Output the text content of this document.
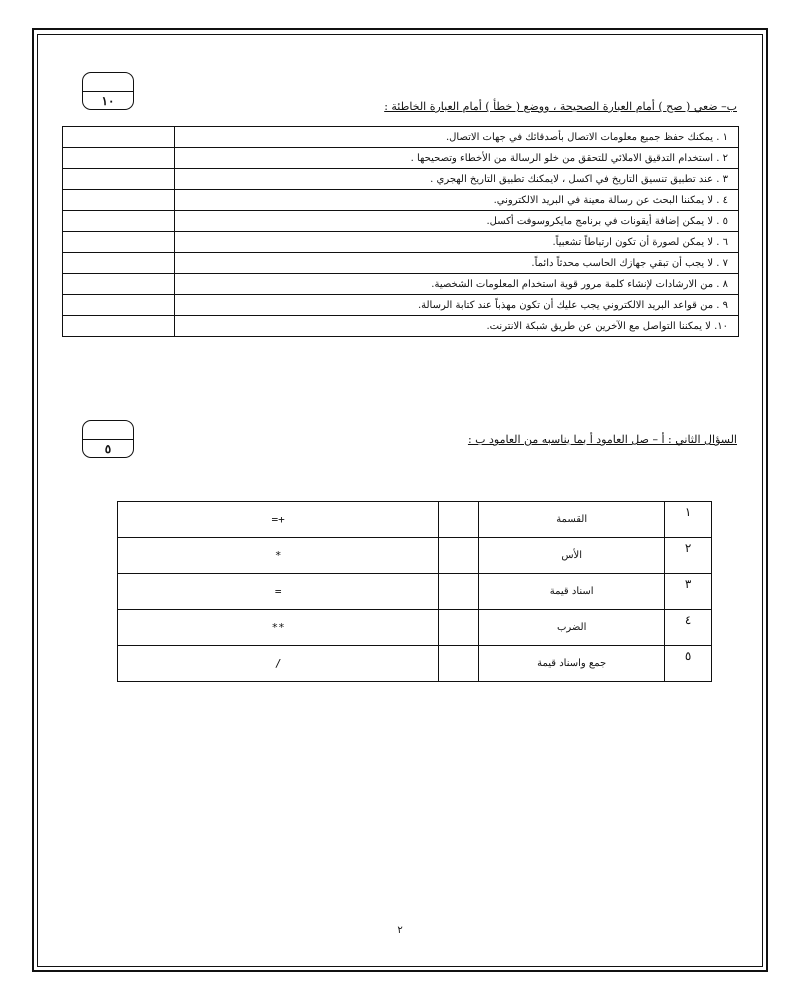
١٠	ب– ضعي ( صح ) أمام العبارة الصحيحة ، ووضع ( خطأ ) أمام العبارة الخاطئة :
١ . يمكنك حفظ جميع معلومات الاتصال بأصدقائك في جهات الاتصال.	
٢ . استخدام التدقيق الاملائي للتحقق من خلو الرسالة من الأخطاء وتصحيحها .	
٣ . عند تطبيق تنسيق التاريخ في اكسل ، لايمكنك تطبيق التاريخ الهجري .	
٤ . لا يمكننا البحث عن رسالة معينة في البريد الالكتروني.	
٥ . لا يمكن إضافة أيقونات في برنامج مايكروسوفت أكسل.	
٦ . لا يمكن لصورة أن تكون ارتباطاً تشعبياً.	
٧ . لا يجب أن تبقي جهازك الحاسب محدثاً دائماً.	
٨ . من الارشادات لإنشاء كلمة مرور قوية استخدام المعلومات الشخصية.	
٩ . من قواعد البريد الالكتروني يجب عليك أن تكون مهذباً عند كتابة الرسالة.	
١٠. لا يمكننا التواصل مع الآخرين عن طريق شبكة الانترنت.	
٥
السؤال الثاني : أ – صل العامود أ بما يناسبه من العامود ب :
١	القسمة		+=
٢	الأس		*
٣	اسناد قيمة		=
٤	الضرب		**
٥	جمع واسناد قيمة		/
٢
